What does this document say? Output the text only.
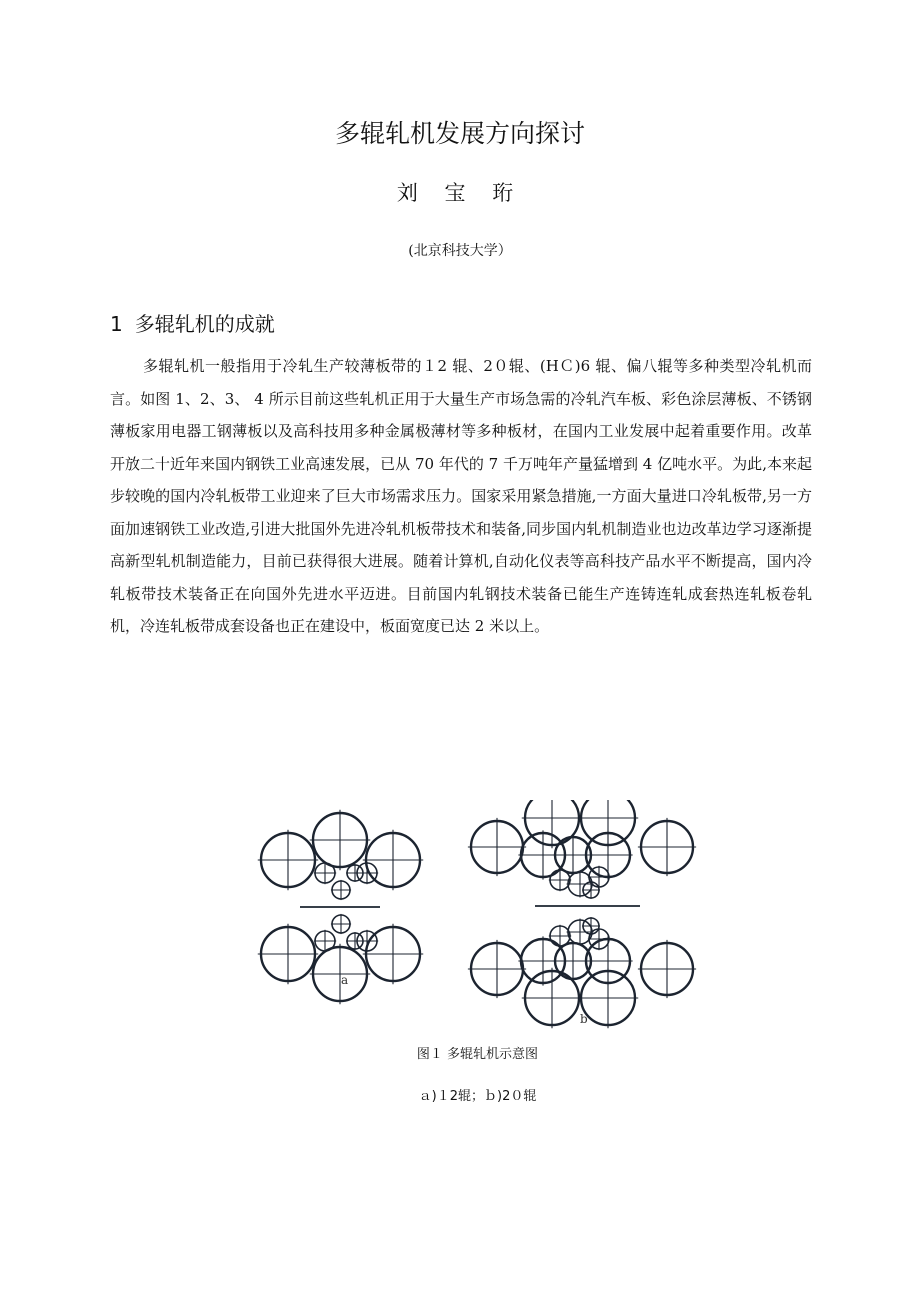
多辊轧机发展方向探讨
刘 宝 珩
(北京科技大学）
1 多辊轧机的成就

多辊轧机一般指用于冷轧生产较薄板带的１2 辊、2０辊、(HＣ)6 辊、偏八辊等多种类型冷轧机而言。如图 1、2、3、 4 所示目前这些轧机正用于大量生产市场急需的冷轧汽车板、彩色涂层薄板、不锈钢薄板家用电器工钢薄板以及高科技用多种金属极薄材等多种板材，在国内工业发展中起着重要作用。改革开放二十近年来国内钢铁工业高速发展，已从 70 年代的 7 千万吨年产量猛增到 4 亿吨水平。为此,本来起步较晚的国内冷轧板带工业迎来了巨大市场需求压力。国家采用紧急措施,一方面大量进口冷轧板带,另一方面加速钢铁工业改造,引进大批国外先进冷轧机板带技术和装备,同步国内轧机制造业也边改革边学习逐渐提高新型轧机制造能力，目前已获得很大进展。随着计算机,自动化仪表等高科技产品水平不断提高，国内冷轧板带技术装备正在向国外先进水平迈进。目前国内轧钢技术装备已能生产连铸连轧成套热连轧板卷轧机，冷连轧板带成套设备也正在建设中，板面宽度已达 2 米以上。

a
b
图１ 多辊轧机示意图
ａ)１2辊；ｂ)2０辊
